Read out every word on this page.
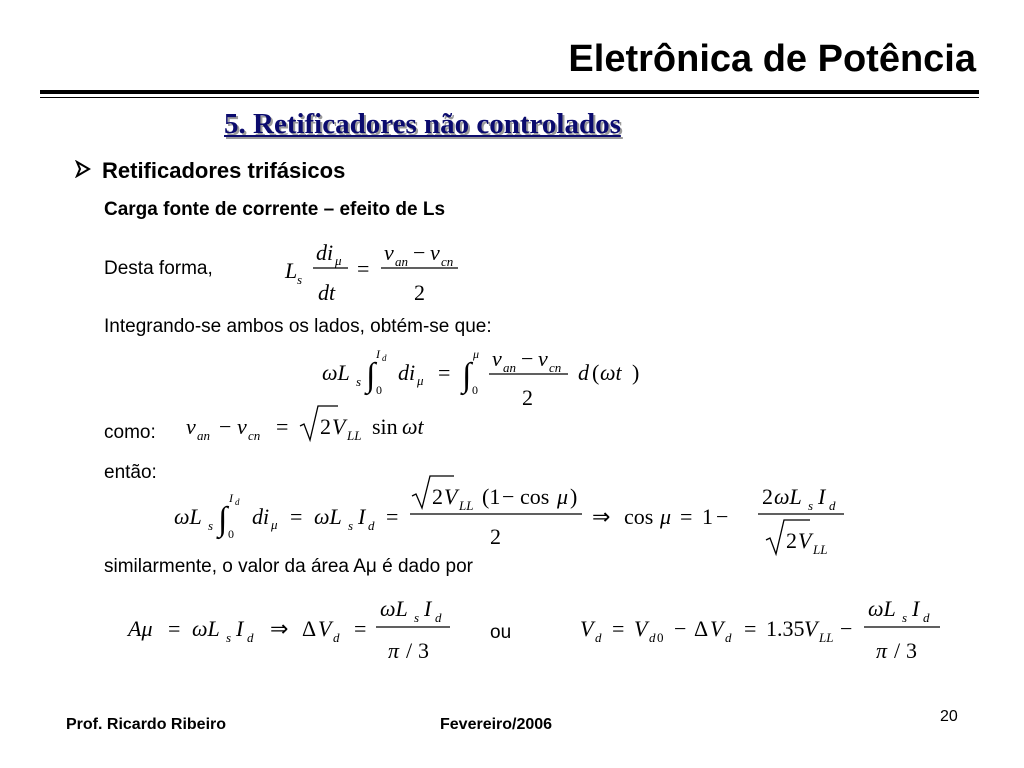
Eletrônica de Potência
5. Retificadores não controlados
Retificadores trifásicos
Carga fonte de corrente – efeito de Ls
Desta forma,	L s
di μ
dt
=
v an − v cn
2
Integrando-se ambos os lados, obtém-se que:
ωL s ∫
I d
0
di μ = ∫
μ
0
v an − v cn
2
d ( ωt )
como: v an − v cn = 2 V LL sin ωt
então:
ωL s ∫
I d
0
di μ = ωL s I d =
2 V LL (1 − cos μ )
2
⇒ cos μ = 1 −
2 ωL s I d
2 V LL
similarmente, o valor da área Aμ é dado por
Aμ = ωL s I d ⇒ Δ V d =
ωL s I d
π / 3
ou	V d = V d 0 − Δ V d = 1.35 V LL −
ωL s I d
π / 3
Prof. Ricardo Ribeiro	Fevereiro/2006	20
